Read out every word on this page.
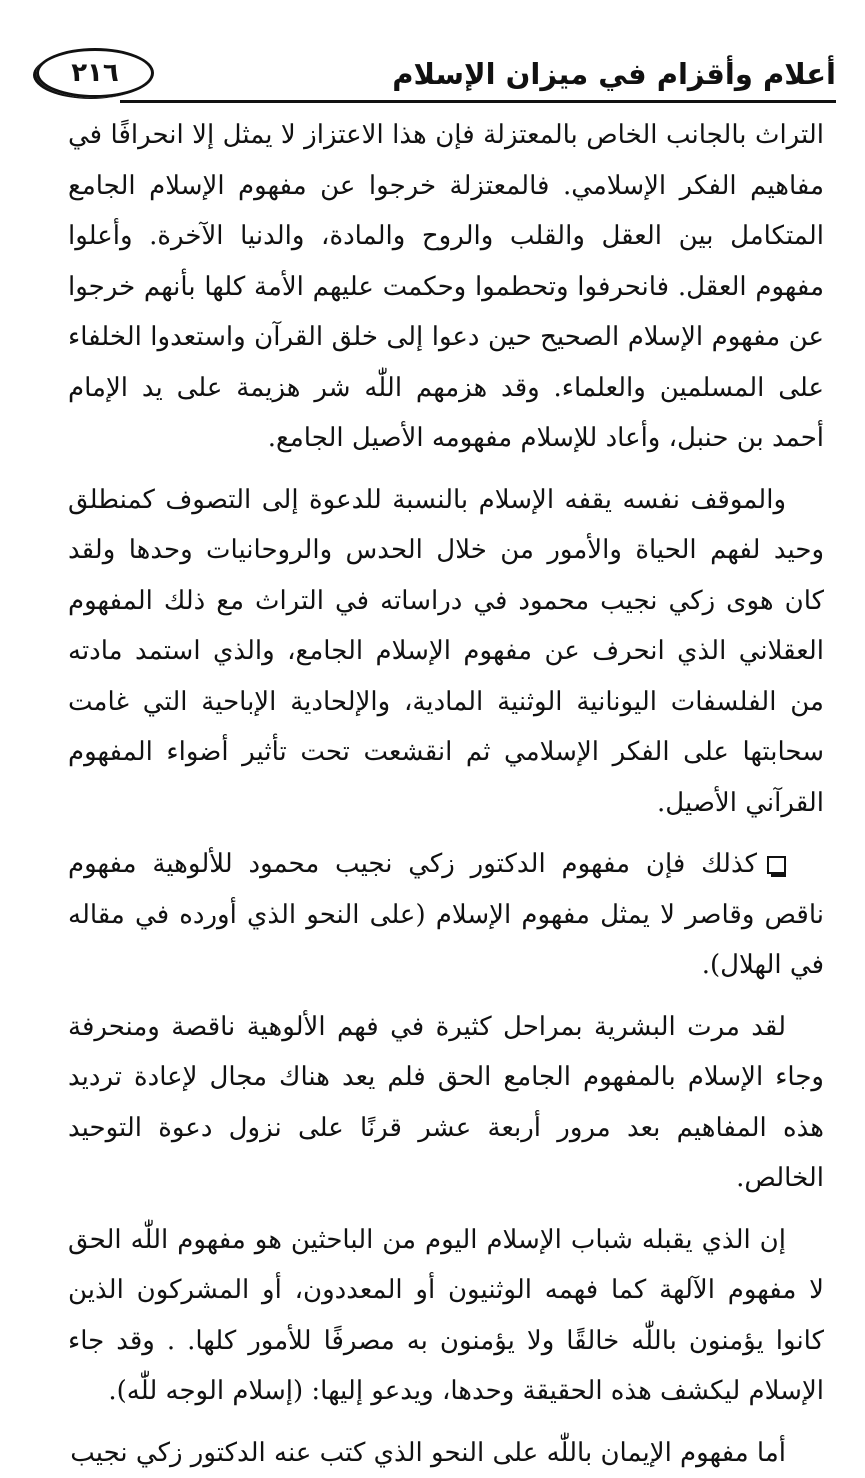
أعلام وأقزام في ميزان الإسلام
٢١٦

التراث بالجانب الخاص بالمعتزلة فإن هذا الاعتزاز لا يمثل إلا انحرافًا في مفاهيم الفكر الإسلامي. فالمعتزلة خرجوا عن مفهوم الإسلام الجامع المتكامل بين العقل والقلب والروح والمادة، والدنيا الآخرة. وأعلوا مفهوم العقل. فانحرفوا وتحطموا وحكمت عليهم الأمة كلها بأنهم خرجوا عن مفهوم الإسلام الصحيح حين دعوا إلى خلق القرآن واستعدوا الخلفاء على المسلمين والعلماء. وقد هزمهم اللّٰه شر هزيمة على يد الإمام أحمد بن حنبل، وأعاد للإسلام مفهومه الأصيل الجامع.

والموقف نفسه يقفه الإسلام بالنسبة للدعوة إلى التصوف كمنطلق وحيد لفهم الحياة والأمور من خلال الحدس والروحانيات وحدها ولقد كان هوى زكي نجيب محمود في دراساته في التراث مع ذلك المفهوم العقلاني الذي انحرف عن مفهوم الإسلام الجامع، والذي استمد مادته من الفلسفات اليونانية الوثنية المادية، والإلحادية الإباحية التي غامت سحابتها على الفكر الإسلامي ثم انقشعت تحت تأثير أضواء المفهوم القرآني الأصيل.

كذلك فإن مفهوم الدكتور زكي نجيب محمود للألوهية مفهوم ناقص وقاصر لا يمثل مفهوم الإسلام (على النحو الذي أورده في مقاله في الهلال).

لقد مرت البشرية بمراحل كثيرة في فهم الألوهية ناقصة ومنحرفة وجاء الإسلام بالمفهوم الجامع الحق فلم يعد هناك مجال لإعادة ترديد هذه المفاهيم بعد مرور أربعة عشر قرنًا على نزول دعوة التوحيد الخالص.

إن الذي يقبله شباب الإسلام اليوم من الباحثين هو مفهوم اللّٰه الحق لا مفهوم الآلهة كما فهمه الوثنيون أو المعددون، أو المشركون الذين كانوا يؤمنون باللّٰه خالقًا ولا يؤمنون به مصرفًا للأمور كلها. . وقد جاء الإسلام ليكشف هذه الحقيقة وحدها، ويدعو إليها: (إسلام الوجه للّٰه).

أما مفهوم الإيمان باللّٰه على النحو الذي كتب عنه الدكتور زكي نجيب
